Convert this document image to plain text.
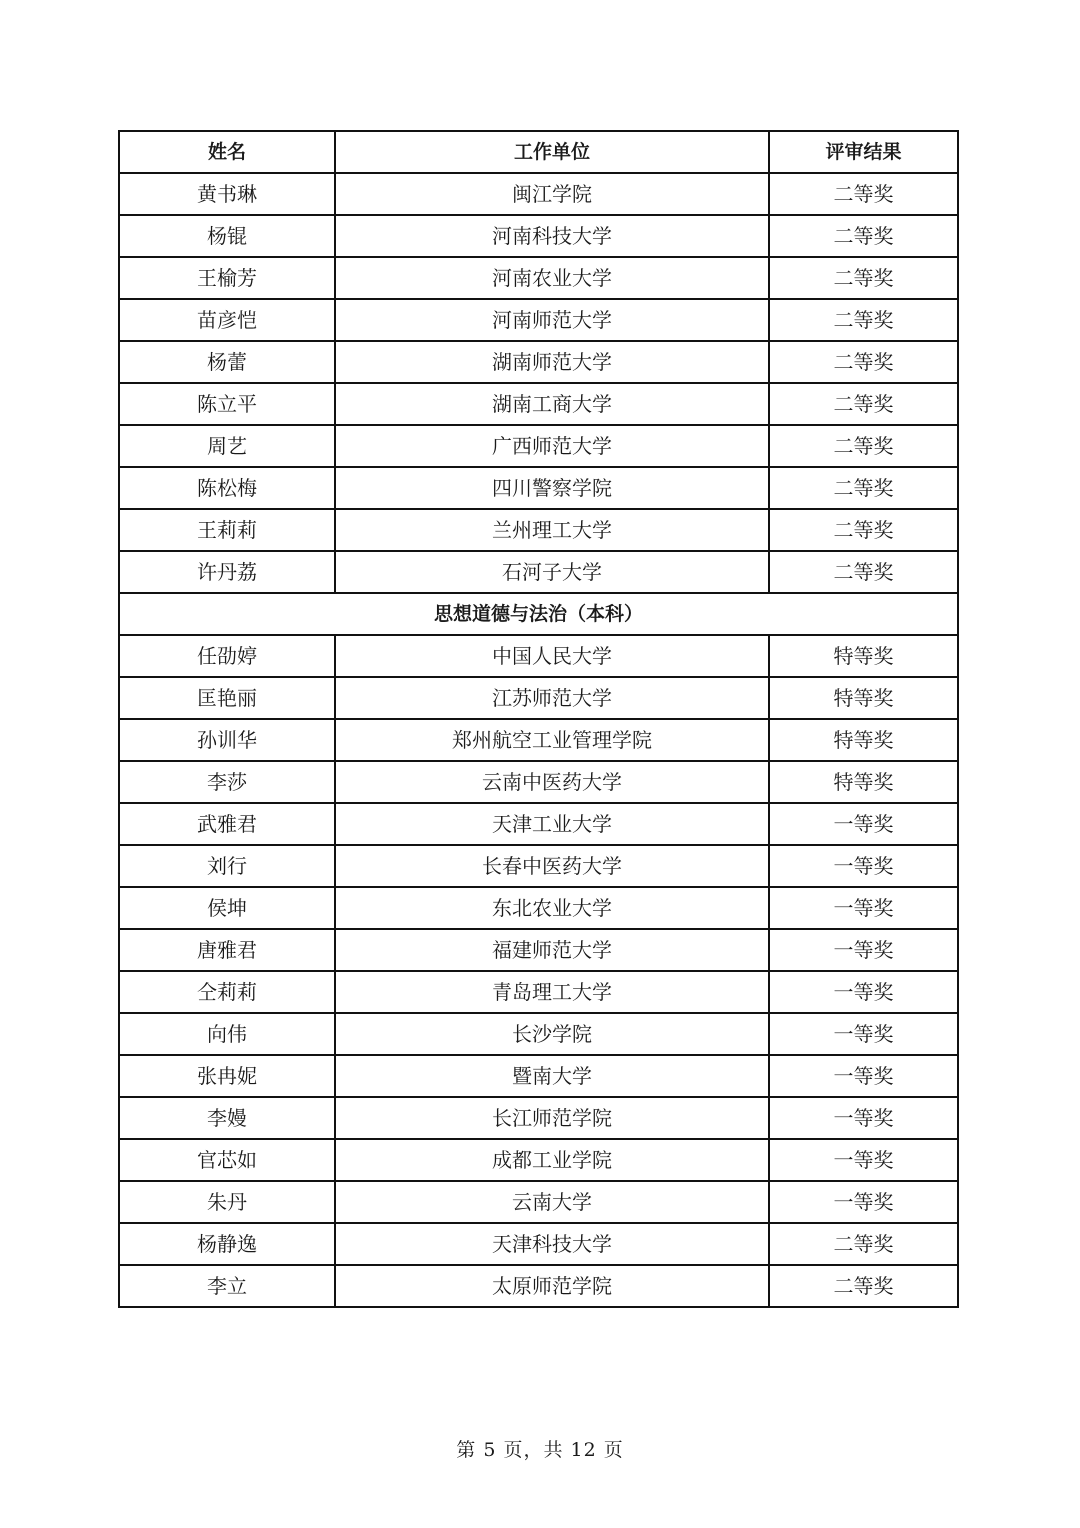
姓名	工作单位	评审结果
黄书琳	闽江学院	二等奖
杨锟	河南科技大学	二等奖
王榆芳	河南农业大学	二等奖
苗彦恺	河南师范大学	二等奖
杨蕾	湖南师范大学	二等奖
陈立平	湖南工商大学	二等奖
周艺	广西师范大学	二等奖
陈松梅	四川警察学院	二等奖
王莉莉	兰州理工大学	二等奖
许丹荔	石河子大学	二等奖
思想道德与法治（本科）		
任劭婷	中国人民大学	特等奖
匡艳丽	江苏师范大学	特等奖
孙训华	郑州航空工业管理学院	特等奖
李莎	云南中医药大学	特等奖
武雅君	天津工业大学	一等奖
刘行	长春中医药大学	一等奖
侯坤	东北农业大学	一等奖
唐雅君	福建师范大学	一等奖
仝莉莉	青岛理工大学	一等奖
向伟	长沙学院	一等奖
张冉妮	暨南大学	一等奖
李嫚	长江师范学院	一等奖
官芯如	成都工业学院	一等奖
朱丹	云南大学	一等奖
杨静逸	天津科技大学	二等奖
李立	太原师范学院	二等奖
第 5 页，共 12 页
